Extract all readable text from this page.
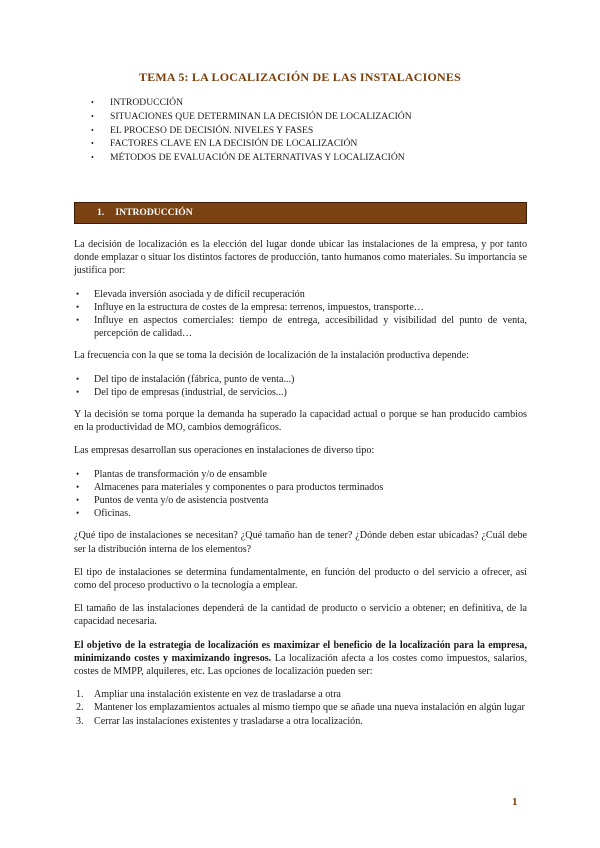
TEMA 5: LA LOCALIZACIÓN DE LAS INSTALACIONES
• INTRODUCCIÓN
• SITUACIONES QUE DETERMINAN LA DECISIÓN DE LOCALIZACIÓN
• EL PROCESO DE DECISIÓN. NIVELES Y FASES
• FACTORES CLAVE EN LA DECISIÓN DE LOCALIZACIÓN
• MÉTODOS DE EVALUACIÓN DE ALTERNATIVAS Y LOCALIZACIÓN
1. INTRODUCCIÓN

La decisión de localización es la elección del lugar donde ubicar las instalaciones de la empresa, y por tanto donde emplazar o situar los distintos factores de producción, tanto humanos como materiales. Su importancia se justifica por:

• Elevada inversión asociada y de difícil recuperación
• Influye en la estructura de costes de la empresa: terrenos, impuestos, transporte…
• Influye en aspectos comerciales: tiempo de entrega, accesibilidad y visibilidad del punto de venta, percepción de calidad…

La frecuencia con la que se toma la decisión de localización de la instalación productiva depende:

• Del tipo de instalación (fábrica, punto de venta...)
• Del tipo de empresas (industrial, de servicios...)

Y la decisión se toma porque la demanda ha superado la capacidad actual o porque se han producido cambios en la productividad de MO, cambios demográficos.

Las empresas desarrollan sus operaciones en instalaciones de diverso tipo:

• Plantas de transformación y/o de ensamble
• Almacenes para materiales y componentes o para productos terminados
• Puntos de venta y/o de asistencia postventa
• Oficinas.

¿Qué tipo de instalaciones se necesitan? ¿Qué tamaño han de tener? ¿Dónde deben estar ubicadas? ¿Cuál debe ser la distribución interna de los elementos?

El tipo de instalaciones se determina fundamentalmente, en función del producto o del servicio a ofrecer, así como del proceso productivo o la tecnología a emplear.

El tamaño de las instalaciones dependerá de la cantidad de producto o servicio a obtener; en definitiva, de la capacidad necesaria.

El objetivo de la estrategia de localización es maximizar el beneficio de la localización para la empresa, minimizando costes y maximizando ingresos. La localización afecta a los costes como impuestos, salarios, costes de MMPP, alquileres, etc. Las opciones de localización pueden ser:

1. Ampliar una instalación existente en vez de trasladarse a otra
2. Mantener los emplazamientos actuales al mismo tiempo que se añade una nueva instalación en algún lugar
3. Cerrar las instalaciones existentes y trasladarse a otra localización.
1
